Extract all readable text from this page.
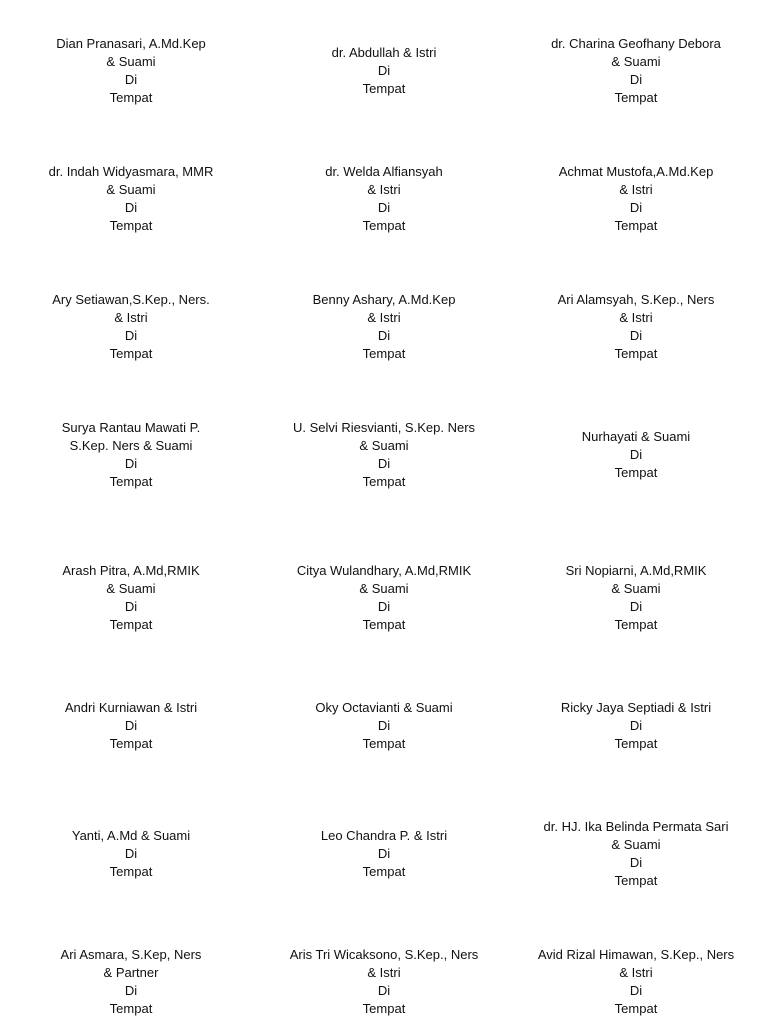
Dian Pranasari, A.Md.Kep
& Suami
Di
Tempat
dr. Abdullah & Istri
Di
Tempat
dr. Charina Geofhany Debora
& Suami
Di
Tempat
dr. Indah Widyasmara, MMR
& Suami
Di
Tempat
dr. Welda Alfiansyah
& Istri
Di
Tempat
Achmat Mustofa,A.Md.Kep
& Istri
Di
Tempat
Ary Setiawan,S.Kep., Ners.
& Istri
Di
Tempat
Benny Ashary, A.Md.Kep
& Istri
Di
Tempat
Ari Alamsyah, S.Kep., Ners
& Istri
Di
Tempat
Surya Rantau Mawati P.
S.Kep. Ners & Suami
Di
Tempat
U. Selvi Riesvianti, S.Kep. Ners
& Suami
Di
Tempat
Nurhayati & Suami
Di
Tempat
Arash Pitra, A.Md,RMIK
& Suami
Di
Tempat
Citya Wulandhary, A.Md,RMIK
& Suami
Di
Tempat
Sri Nopiarni, A.Md,RMIK
& Suami
Di
Tempat
Andri Kurniawan & Istri
Di
Tempat
Oky Octavianti & Suami
Di
Tempat
Ricky Jaya Septiadi & Istri
Di
Tempat
Yanti, A.Md & Suami
Di
Tempat
Leo Chandra P. & Istri
Di
Tempat
dr. HJ. Ika Belinda Permata Sari
& Suami
Di
Tempat
Ari Asmara, S.Kep, Ners
& Partner
Di
Tempat
Aris Tri Wicaksono, S.Kep., Ners
& Istri
Di
Tempat
Avid Rizal Himawan, S.Kep., Ners
& Istri
Di
Tempat
